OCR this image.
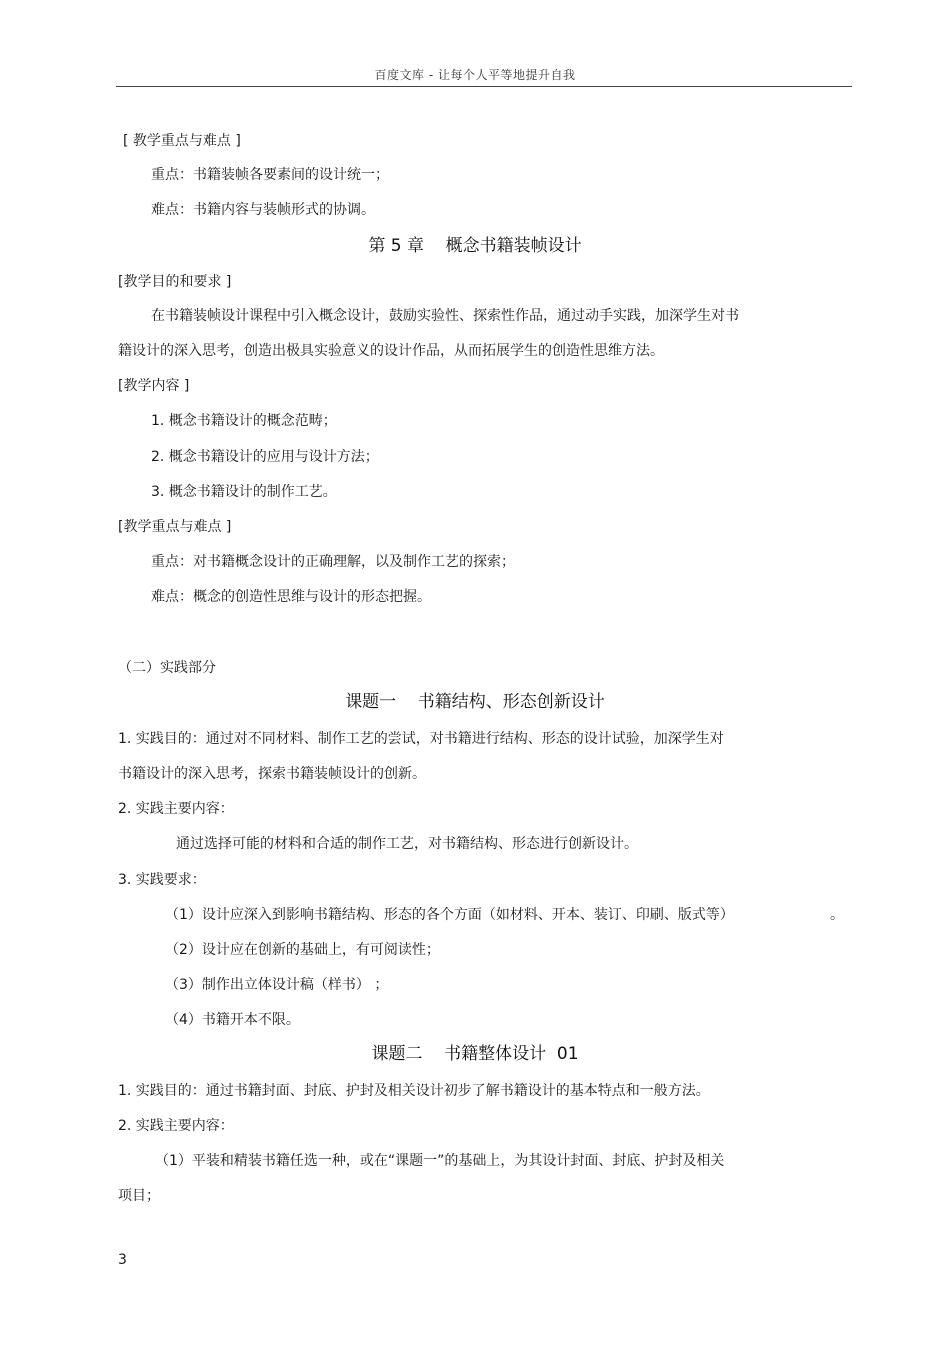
百度文库 - 让每个人平等地提升自我
[ 教学重点与难点 ]
重点：书籍装帧各要素间的设计统一；
难点：书籍内容与装帧形式的协调。
第 5 章    概念书籍装帧设计
[教学目的和要求 ]
在书籍装帧设计课程中引入概念设计，鼓励实验性、探索性作品，通过动手实践，加深学生对书
籍设计的深入思考，创造出极具实验意义的设计作品，从而拓展学生的创造性思维方法。
[教学内容 ]
1. 概念书籍设计的概念范畴；
2. 概念书籍设计的应用与设计方法；
3. 概念书籍设计的制作工艺。
[教学重点与难点 ]
重点：对书籍概念设计的正确理解，以及制作工艺的探索；
难点：概念的创造性思维与设计的形态把握。
（二）实践部分
课题一    书籍结构、形态创新设计
1. 实践目的：通过对不同材料、制作工艺的尝试，对书籍进行结构、形态的设计试验，加深学生对
书籍设计的深入思考，探索书籍装帧设计的创新。
2. 实践主要内容：
通过选择可能的材料和合适的制作工艺，对书籍结构、形态进行创新设计。
3. 实践要求：
（1）设计应深入到影响书籍结构、形态的各个方面（如材料、开本、装订、印刷、版式等）	。
（2）设计应在创新的基础上，有可阅读性；
（3）制作出立体设计稿（样书） ；
（4）书籍开本不限。
课题二    书籍整体设计  01
1. 实践目的：通过书籍封面、封底、护封及相关设计初步了解书籍设计的基本特点和一般方法。
2. 实践主要内容：
（1）平装和精装书籍任选一种，或在“课题一”的基础上，为其设计封面、封底、护封及相关
项目；
3
